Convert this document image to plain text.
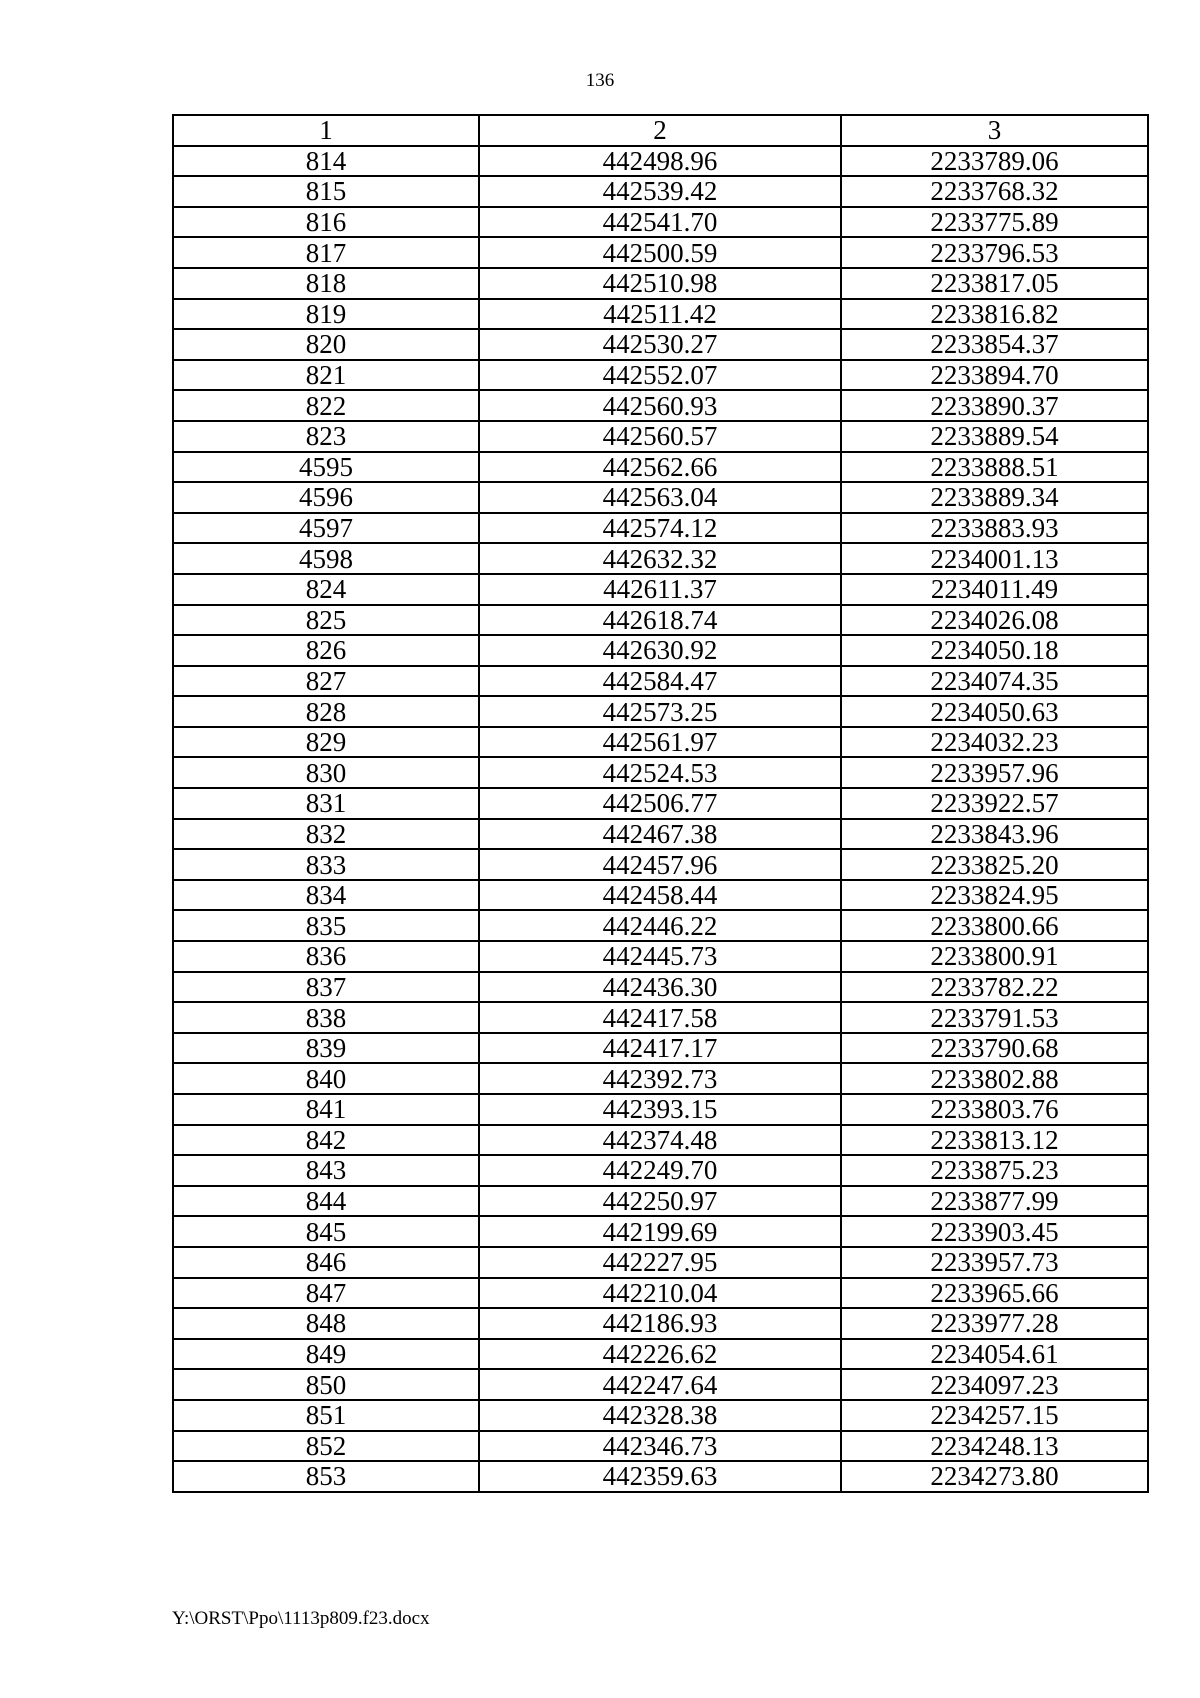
136
1	2	3
814	442498.96	2233789.06
815	442539.42	2233768.32
816	442541.70	2233775.89
817	442500.59	2233796.53
818	442510.98	2233817.05
819	442511.42	2233816.82
820	442530.27	2233854.37
821	442552.07	2233894.70
822	442560.93	2233890.37
823	442560.57	2233889.54
4595	442562.66	2233888.51
4596	442563.04	2233889.34
4597	442574.12	2233883.93
4598	442632.32	2234001.13
824	442611.37	2234011.49
825	442618.74	2234026.08
826	442630.92	2234050.18
827	442584.47	2234074.35
828	442573.25	2234050.63
829	442561.97	2234032.23
830	442524.53	2233957.96
831	442506.77	2233922.57
832	442467.38	2233843.96
833	442457.96	2233825.20
834	442458.44	2233824.95
835	442446.22	2233800.66
836	442445.73	2233800.91
837	442436.30	2233782.22
838	442417.58	2233791.53
839	442417.17	2233790.68
840	442392.73	2233802.88
841	442393.15	2233803.76
842	442374.48	2233813.12
843	442249.70	2233875.23
844	442250.97	2233877.99
845	442199.69	2233903.45
846	442227.95	2233957.73
847	442210.04	2233965.66
848	442186.93	2233977.28
849	442226.62	2234054.61
850	442247.64	2234097.23
851	442328.38	2234257.15
852	442346.73	2234248.13
853	442359.63	2234273.80
Y:\ORST\Ppo\1113p809.f23.docx
